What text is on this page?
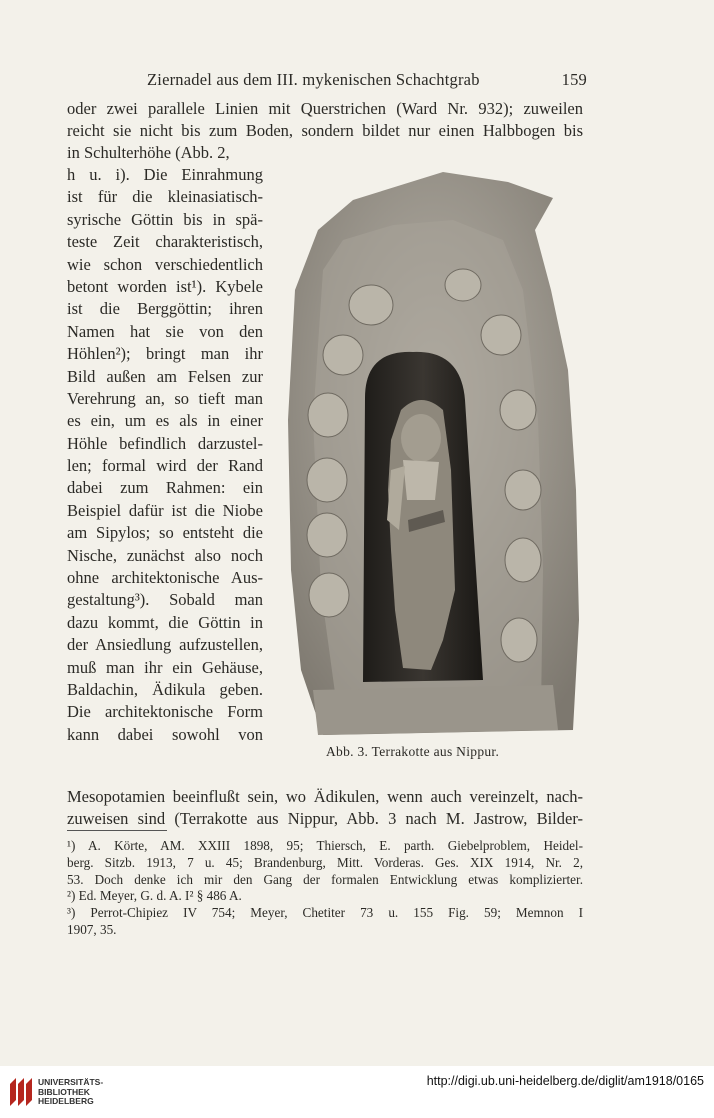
Ziernadel aus dem III. mykenischen Schachtgrab	159
oder zwei parallele Linien mit Querstrichen (Ward Nr. 932); zuweilen
reicht sie nicht bis zum Boden, sondern bildet nur einen Halbbogen bis
in Schulterhöhe (Abb. 2,
h u. i). Die Einrahmung
ist für die kleinasiatisch-
syrische Göttin bis in spä-
teste Zeit charakteristisch,
wie schon verschiedentlich
betont worden ist¹). Kybele
ist die Berggöttin; ihren
Namen hat sie von den
Höhlen²); bringt man ihr
Bild außen am Felsen zur
Verehrung an, so tieft man
es ein, um es als in einer
Höhle befindlich darzustel-
len; formal wird der Rand
dabei zum Rahmen: ein
Beispiel dafür ist die Niobe
am Sipylos; so entsteht die
Nische, zunächst also noch
ohne architektonische Aus-
gestaltung³). Sobald man
dazu kommt, die Göttin in
der Ansiedlung aufzustellen,
muß man ihr ein Gehäuse,
Baldachin, Ädikula geben.
Die architektonische Form
kann dabei sowohl von
Abb. 3. Terrakotte aus Nippur.
Mesopotamien beeinflußt sein, wo Ädikulen, wenn auch vereinzelt, nach-
zuweisen sind (Terrakotte aus Nippur, Abb. 3 nach M. Jastrow, Bilder-
¹) A. Körte, AM. XXIII 1898, 95; Thiersch, E. parth. Giebelproblem, Heidel-
berg. Sitzb. 1913, 7 u. 45; Brandenburg, Mitt. Vorderas. Ges. XIX 1914, Nr. 2,
53. Doch denke ich mir den Gang der formalen Entwicklung etwas komplizierter.
²) Ed. Meyer, G. d. A. I² § 486 A.
³) Perrot-Chipiez IV 754; Meyer, Chetiter 73 u. 155 Fig. 59; Memnon I
1907, 35.
UNIVERSITÄTS-
BIBLIOTHEK
HEIDELBERG
http://digi.ub.uni-heidelberg.de/diglit/am1918/0165
